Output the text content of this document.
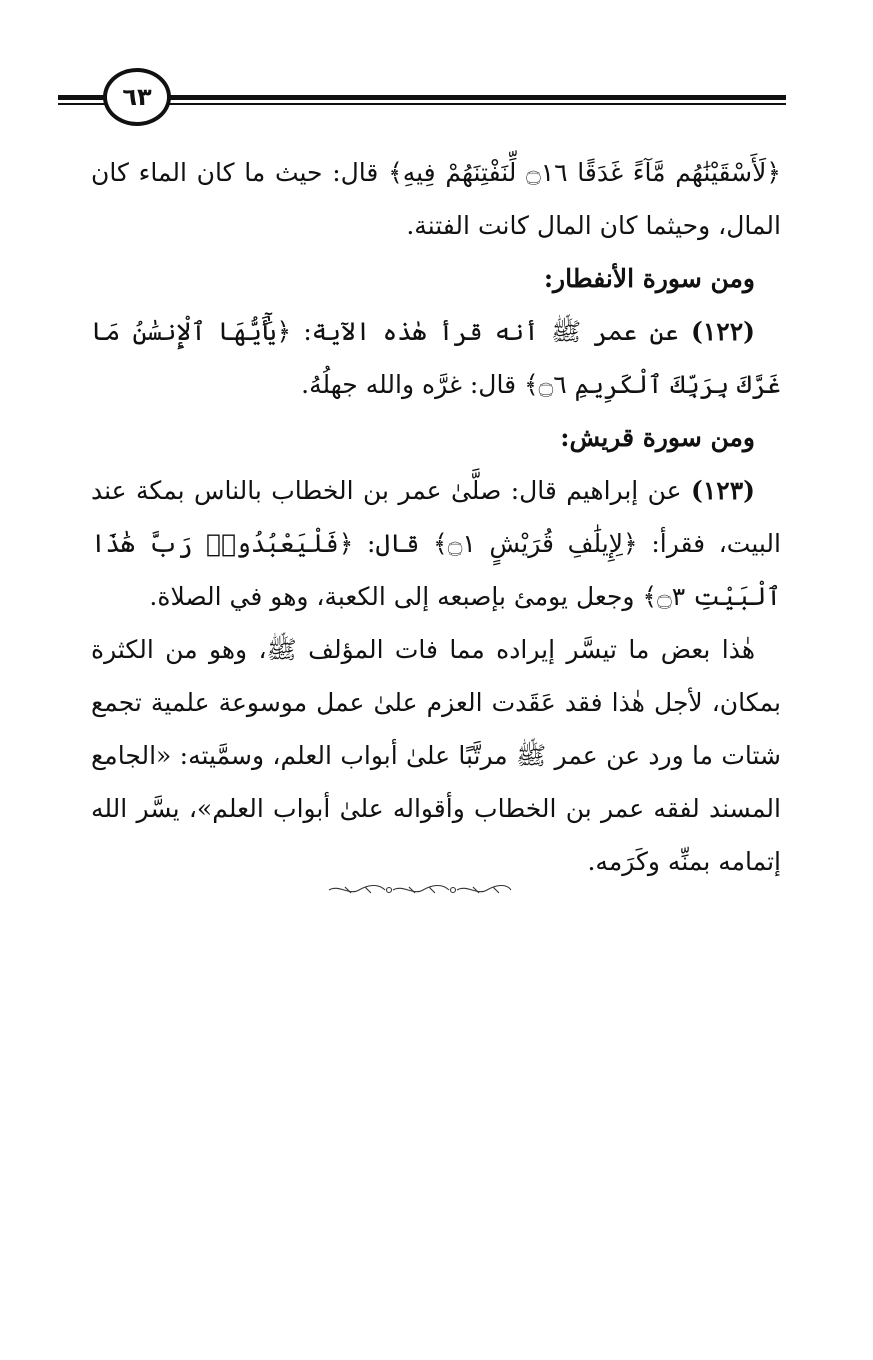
٦٣

﴿لَأَسْقَيْنَٰهُم مَّآءً غَدَقًا ۝١٦ لِّنَفْتِنَهُمْ فِيهِ﴾ قال: حيث ما كان الماء كان المال، وحيثما كان المال كانت الفتنة.

ومن سورة الأنفطار:

(١٢٢) عن عمر ﷺ أنه قرأ هٰذه الآية: ﴿يَٰٓأَيُّهَا ٱلْإِنسَٰنُ مَا غَرَّكَ بِرَبِّكَ ٱلْكَرِيمِ ۝٦﴾ قال: غرَّه والله جهلُهُ.

ومن سورة قريش:

(١٢٣) عن إبراهيم قال: صلَّىٰ عمر بن الخطاب بالناس بمكة عند البيت، فقرأ: ﴿لِإِيلَٰفِ قُرَيْشٍ ۝١﴾ قال: ﴿فَلْيَعْبُدُوا۟ رَبَّ هَٰذَا ٱلْبَيْتِ ۝٣﴾ وجعل يومئ بإصبعه إلى الكعبة، وهو في الصلاة.

هٰذا بعض ما تيسَّر إيراده مما فات المؤلف ﷺ، وهو من الكثرة بمكان، لأجل هٰذا فقد عَقَدت العزم علىٰ عمل موسوعة علمية تجمع شتات ما ورد عن عمر ﷺ مرتَّبًا علىٰ أبواب العلم، وسمَّيته: «الجامع المسند لفقه عمر بن الخطاب وأقواله علىٰ أبواب العلم»، يسَّر الله إتمامه بمنِّه وكَرَمه.
